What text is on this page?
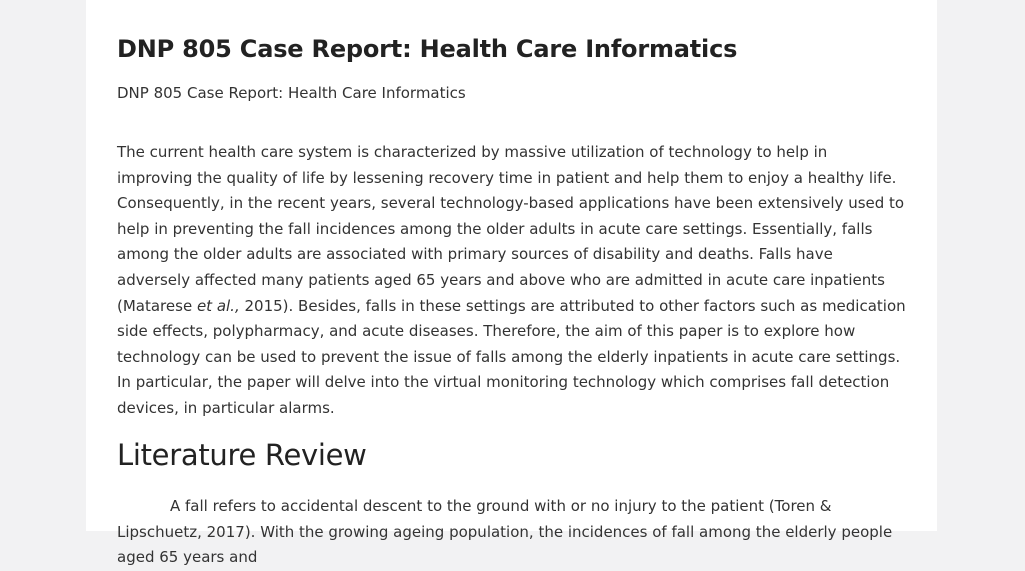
DNP 805 Case Report: Health Care Informatics

DNP 805 Case Report: Health Care Informatics

The current health care system is characterized by massive utilization of technology to help in improving the quality of life by lessening recovery time in patient and help them to enjoy a healthy life. Consequently, in the recent years, several technology-based applications have been extensively used to help in preventing the fall incidences among the older adults in acute care settings. Essentially, falls among the older adults are associated with primary sources of disability and deaths. Falls have adversely affected many patients aged 65 years and above who are admitted in acute care inpatients (Matarese et al., 2015). Besides, falls in these settings are attributed to other factors such as medication side effects, polypharmacy, and acute diseases. Therefore, the aim of this paper is to explore how technology can be used to prevent the issue of falls among the elderly inpatients in acute care settings. In particular, the paper will delve into the virtual monitoring technology which comprises fall detection devices, in particular alarms.

Literature Review

A fall refers to accidental descent to the ground with or no injury to the patient (Toren & Lipschuetz, 2017). With the growing ageing population, the incidences of fall among the elderly people aged 65 years and
